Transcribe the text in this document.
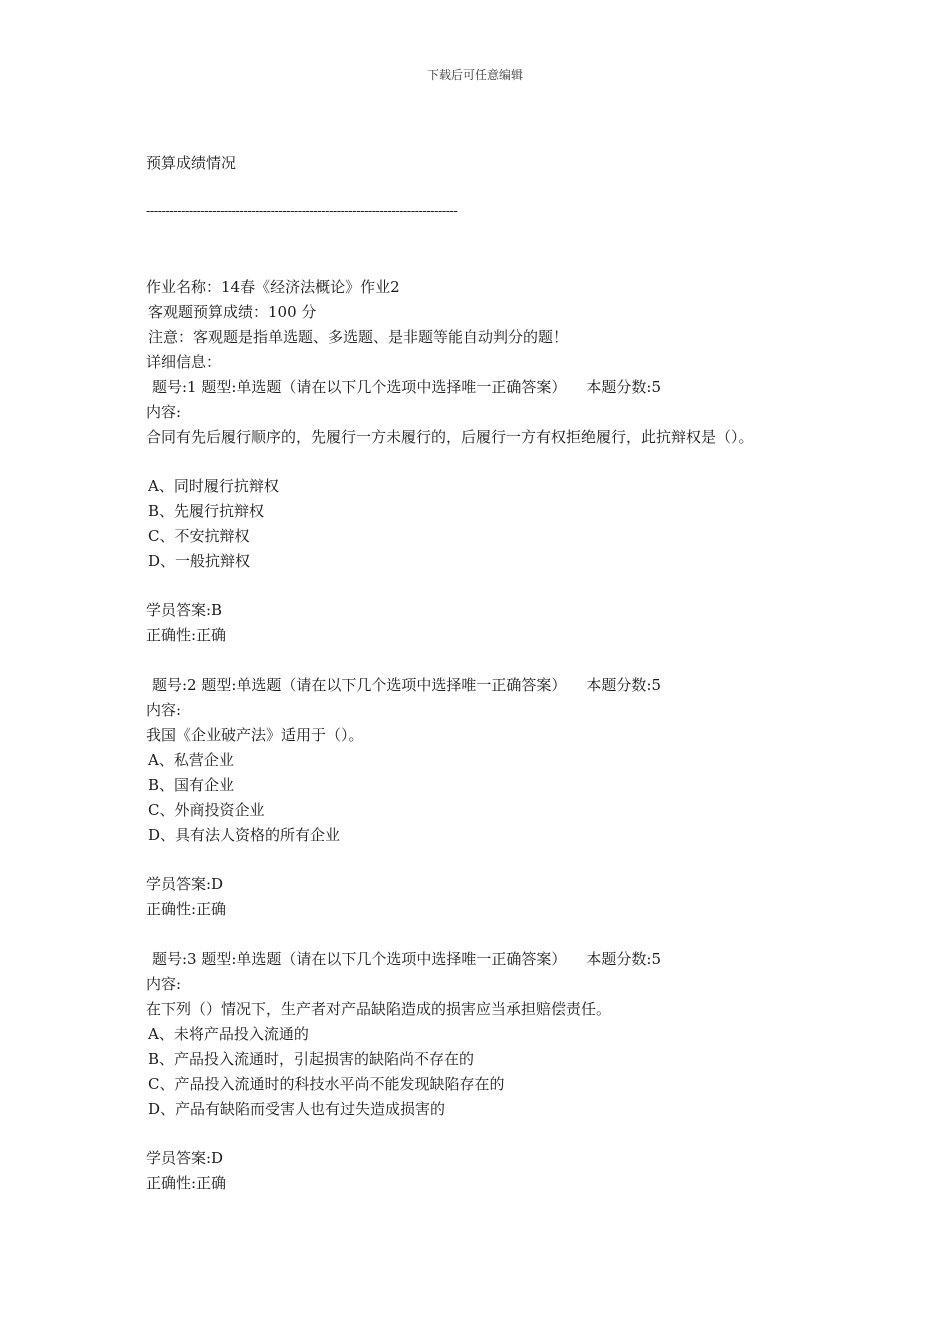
下载后可任意编辑
预算成绩情况
--------------------------------------------------------------------------------
作业名称：14春《经济法概论》作业2
客观题预算成绩：100 分
注意：客观题是指单选题、多选题、是非题等能自动判分的题！
详细信息：
题号:1 题型:单选题（请在以下几个选项中选择唯一正确答案） 本题分数:5
内容:
合同有先后履行顺序的，先履行一方未履行的，后履行一方有权拒绝履行，此抗辩权是（）。
A、同时履行抗辩权
B、先履行抗辩权
C、不安抗辩权
D、一般抗辩权
学员答案:B
正确性:正确
题号:2 题型:单选题（请在以下几个选项中选择唯一正确答案） 本题分数:5
内容:
我国《企业破产法》适用于（）。
A、私营企业
B、国有企业
C、外商投资企业
D、具有法人资格的所有企业
学员答案:D
正确性:正确
题号:3 题型:单选题（请在以下几个选项中选择唯一正确答案） 本题分数:5
内容:
在下列（）情况下，生产者对产品缺陷造成的损害应当承担赔偿责任。
A、未将产品投入流通的
B、产品投入流通时，引起损害的缺陷尚不存在的
C、产品投入流通时的科技水平尚不能发现缺陷存在的
D、产品有缺陷而受害人也有过失造成损害的
学员答案:D
正确性:正确
